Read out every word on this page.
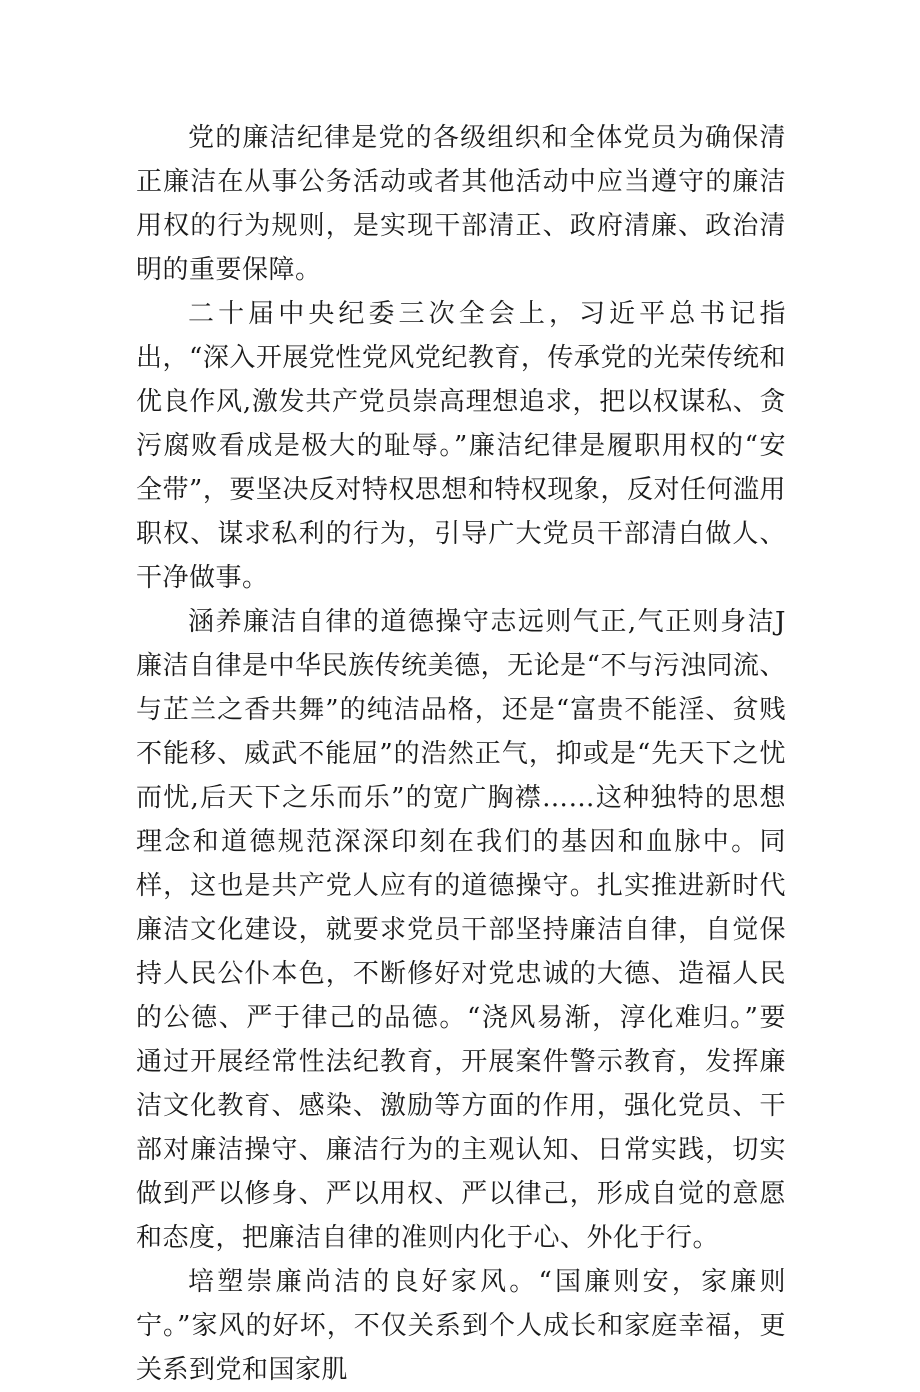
党的廉洁纪律是党的各级组织和全体党员为确保清正廉洁在从事公务活动或者其他活动中应当遵守的廉洁用权的行为规则，是实现干部清正、政府清廉、政治清明的重要保障。

二十届中央纪委三次全会上，习近平总书记指出，“深入开展党性党风党纪教育，传承党的光荣传统和优良作风,激发共产党员崇高理想追求，把以权谋私、贪污腐败看成是极大的耻辱。”廉洁纪律是履职用权的“安全带”，要坚决反对特权思想和特权现象，反对任何滥用职权、谋求私利的行为，引导广大党员干部清白做人、干净做事。

涵养廉洁自律的道德操守志远则气正,气正则身洁J廉洁自律是中华民族传统美德，无论是“不与污浊同流、与芷兰之香共舞”的纯洁品格，还是“富贵不能淫、贫贱不能移、威武不能屈”的浩然正气，抑或是“先天下之忧而忧,后天下之乐而乐”的宽广胸襟……这种独特的思想理念和道德规范深深印刻在我们的基因和血脉中。同样，这也是共产党人应有的道德操守。扎实推进新时代廉洁文化建设，就要求党员干部坚持廉洁自律，自觉保持人民公仆本色，不断修好对党忠诚的大德、造福人民的公德、严于律己的品德。“浇风易渐，淳化难归。”要通过开展经常性法纪教育，开展案件警示教育，发挥廉洁文化教育、感染、激励等方面的作用，强化党员、干部对廉洁操守、廉洁行为的主观认知、日常实践，切实做到严以修身、严以用权、严以律己，形成自觉的意愿和态度，把廉洁自律的准则内化于心、外化于行。

培塑崇廉尚洁的良好家风。“国廉则安，家廉则宁。”家风的好坏，不仅关系到个人成长和家庭幸福，更关系到党和国家肌
